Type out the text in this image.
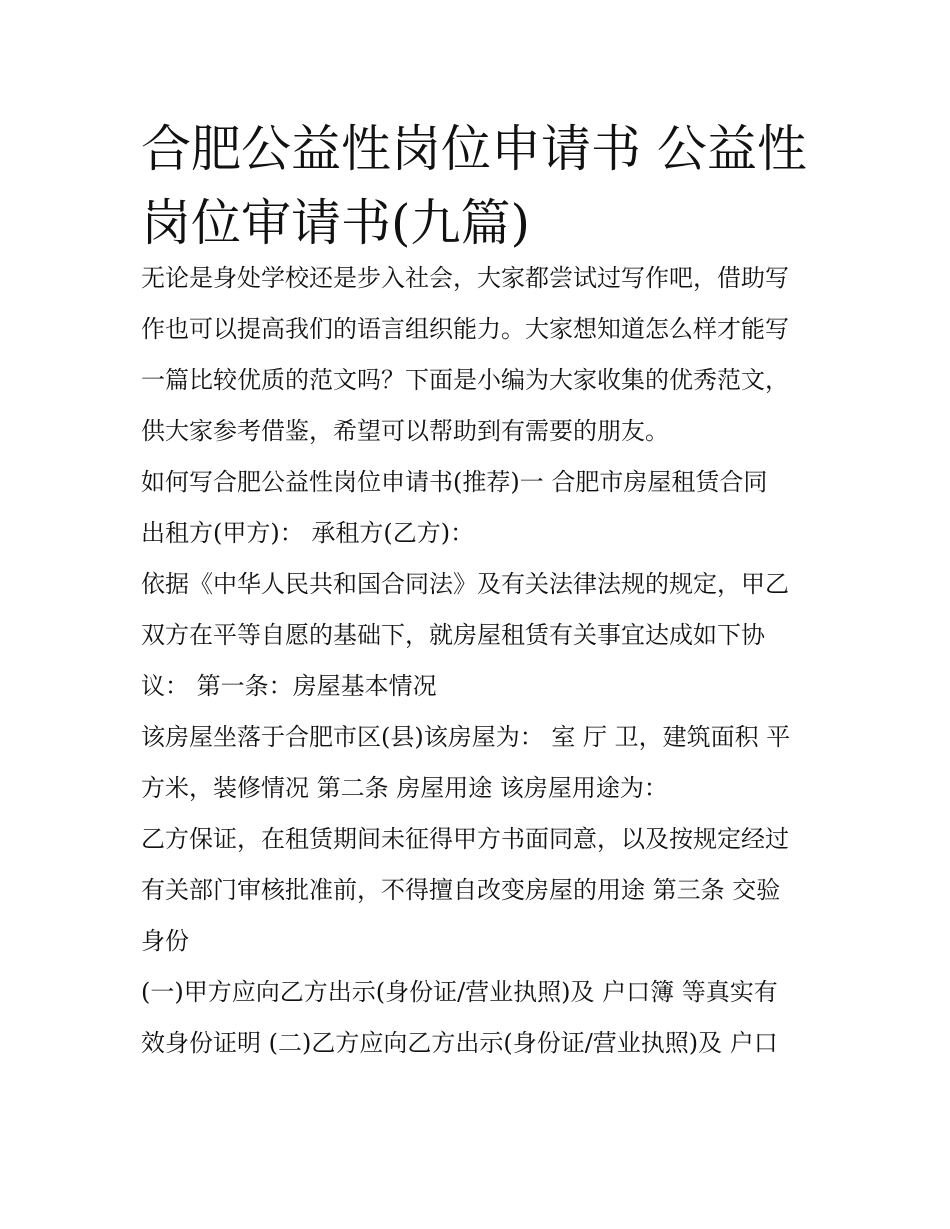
合肥公益性岗位申请书 公益性
岗位审请书(九篇)

无论是身处学校还是步入社会，大家都尝试过写作吧，借助写

作也可以提高我们的语言组织能力。大家想知道怎么样才能写

一篇比较优质的范文吗？下面是小编为大家收集的优秀范文，

供大家参考借鉴，希望可以帮助到有需要的朋友。

如何写合肥公益性岗位申请书(推荐)一 合肥市房屋租赁合同

出租方(甲方)： 承租方(乙方)：

依据《中华人民共和国合同法》及有关法律法规的规定，甲乙

双方在平等自愿的基础下，就房屋租赁有关事宜达成如下协

议： 第一条：房屋基本情况

该房屋坐落于合肥市区(县)该房屋为： 室 厅 卫，建筑面积 平

方米，装修情况 第二条 房屋用途 该房屋用途为：

乙方保证，在租赁期间未征得甲方书面同意，以及按规定经过

有关部门审核批准前，不得擅自改变房屋的用途 第三条 交验

身份

(一)甲方应向乙方出示(身份证/营业执照)及 户口簿 等真实有

效身份证明 (二)乙方应向乙方出示(身份证/营业执照)及 户口
